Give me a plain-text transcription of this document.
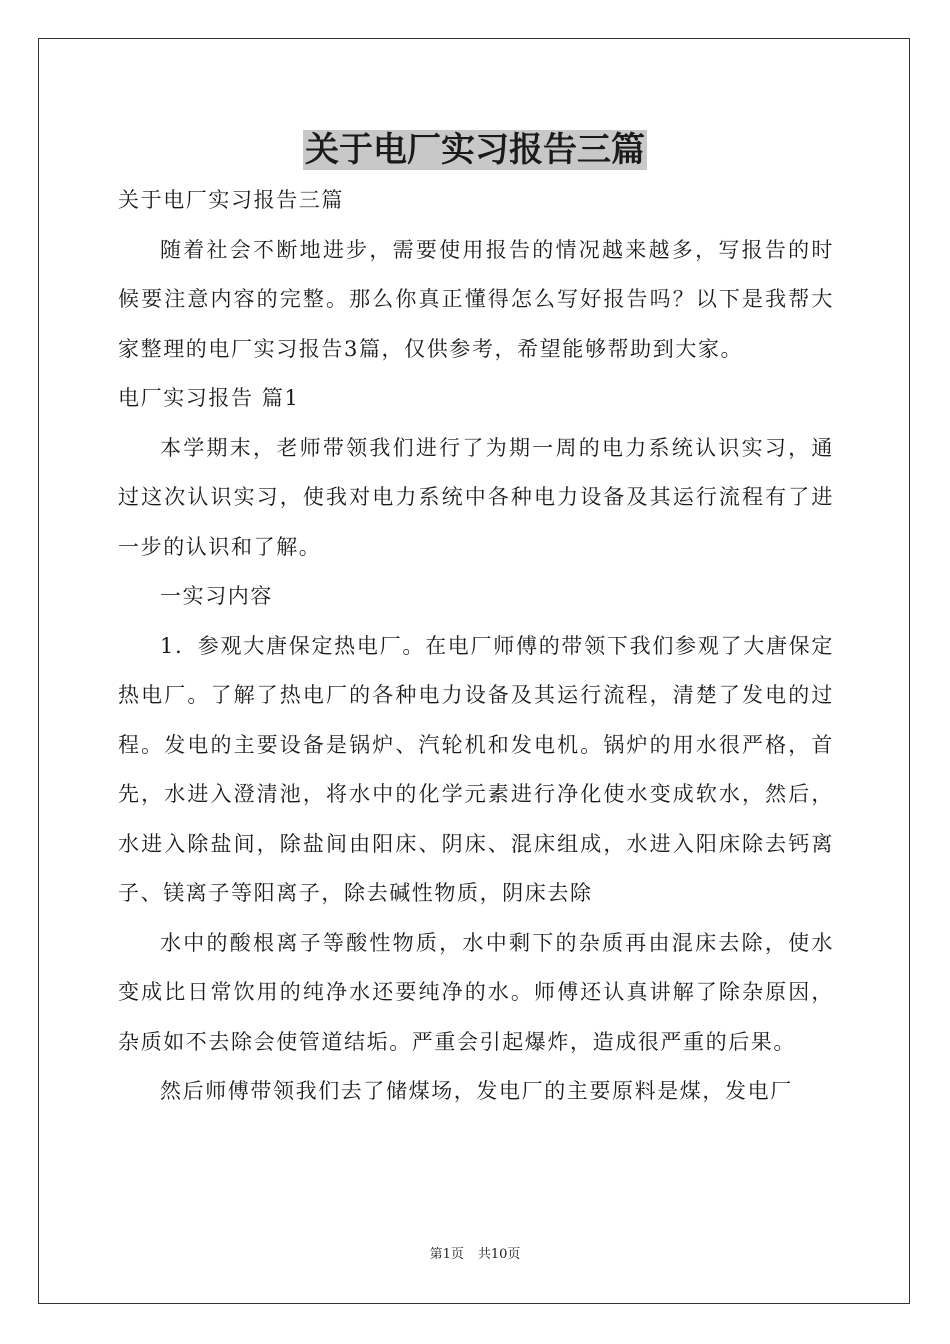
关于电厂实习报告三篇

关于电厂实习报告三篇

随着社会不断地进步，需要使用报告的情况越来越多，写报告的时候要注意内容的完整。那么你真正懂得怎么写好报告吗？以下是我帮大家整理的电厂实习报告3篇，仅供参考，希望能够帮助到大家。

电厂实习报告 篇1

本学期末，老师带领我们进行了为期一周的电力系统认识实习，通过这次认识实习，使我对电力系统中各种电力设备及其运行流程有了进一步的认识和了解。

一实习内容

1．参观大唐保定热电厂。在电厂师傅的带领下我们参观了大唐保定热电厂。了解了热电厂的各种电力设备及其运行流程，清楚了发电的过程。发电的主要设备是锅炉、汽轮机和发电机。锅炉的用水很严格，首先，水进入澄清池，将水中的化学元素进行净化使水变成软水，然后，水进入除盐间，除盐间由阳床、阴床、混床组成，水进入阳床除去钙离子、镁离子等阳离子，除去碱性物质，阴床去除

水中的酸根离子等酸性物质，水中剩下的杂质再由混床去除，使水变成比日常饮用的纯净水还要纯净的水。师傅还认真讲解了除杂原因，杂质如不去除会使管道结垢。严重会引起爆炸，造成很严重的后果。

然后师傅带领我们去了储煤场，发电厂的主要原料是煤，发电厂

第1页 共10页
